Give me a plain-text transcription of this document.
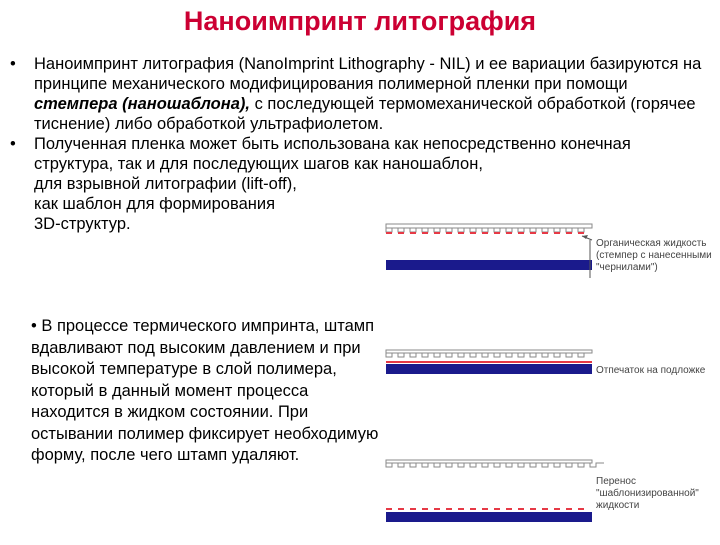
Наноимпринт литография
• Наноимпринт литография (NanoImprint Lithography - NIL) и ее вариации базируются на принципе механического модифицирования полимерной пленки при помощи стемпера (наношаблона), с последующей термомеханической обработкой (горячее тиснение) либо обработкой ультрафиолетом.
• Полученная пленка может быть использована как непосредственно конечная структура, так и для последующих шагов как наношаблон,
для взрывной литографии (lift-off),
как шаблон для формирования
3D-структур.
• В процессе термического импринта, штамп вдавливают под высоким давлением и при высокой температуре в слой полимера, который в данный момент процесса находится в жидком состоянии. При остывании полимер фиксирует необходимую форму, после чего штамп удаляют.
Органическая жидкость
(стемпер с нанесенными
"чернилами")
Отпечаток на подложке
Перенос
"шаблонизированной"
жидкости
